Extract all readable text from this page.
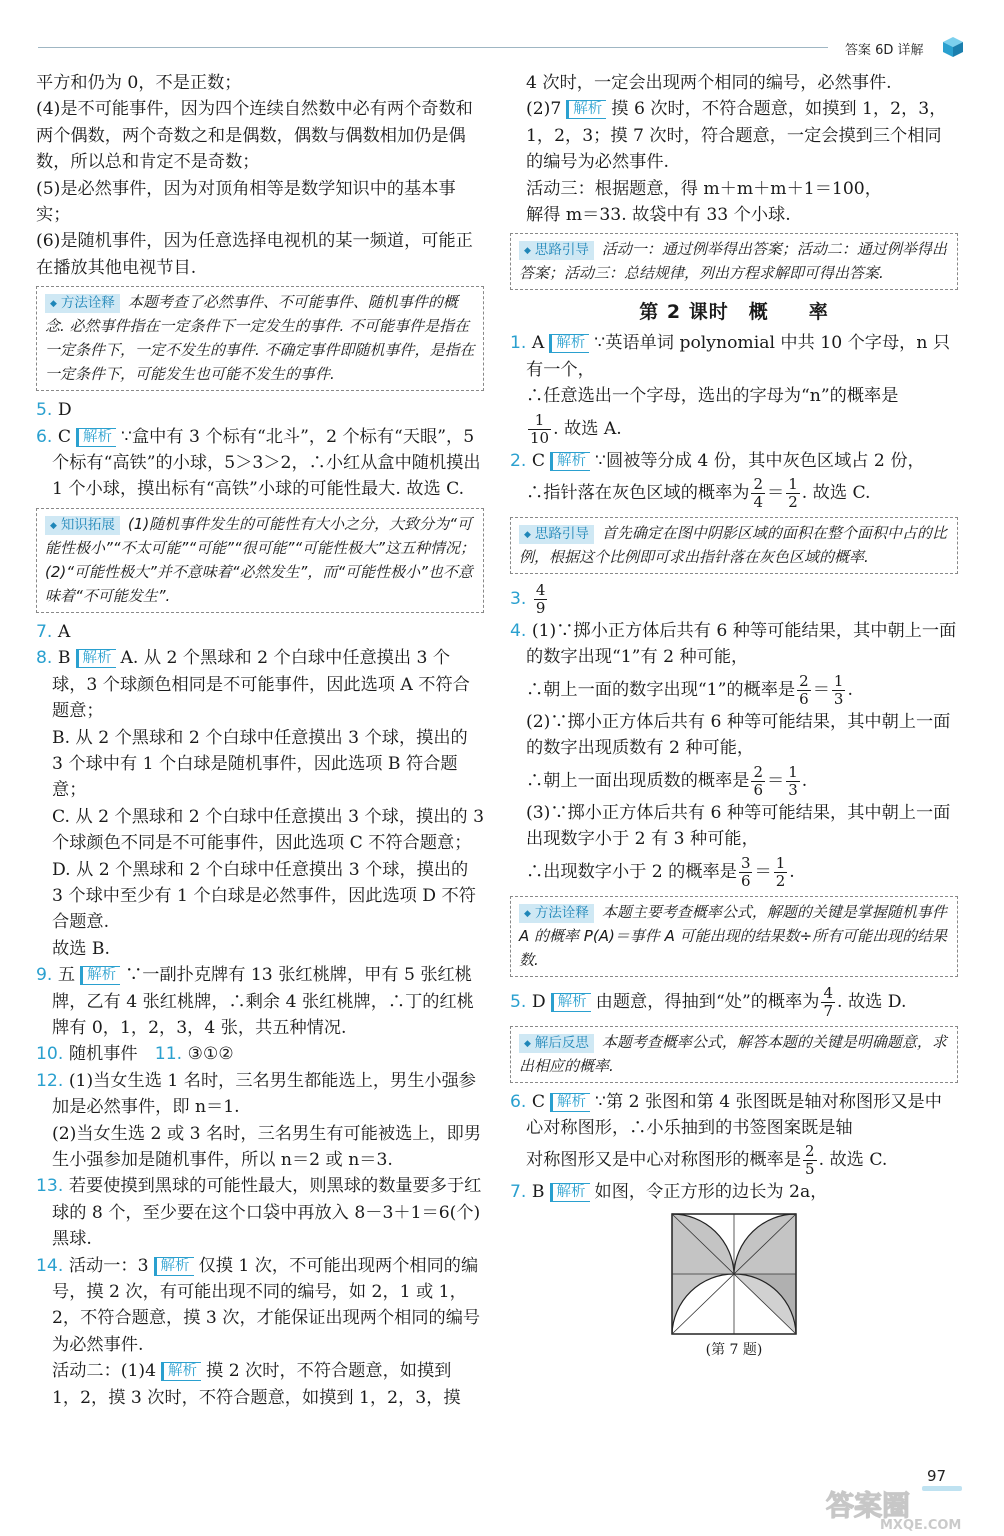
答案 6D 详解

平方和仍为 0，不是正数；

(4)是不可能事件，因为四个连续自然数中必有两个奇数和两个偶数，两个奇数之和是偶数，偶数与偶数相加仍是偶数，所以总和肯定不是奇数；

(5)是必然事件，因为对顶角相等是数学知识中的基本事实；

(6)是随机事件，因为任意选择电视机的某一频道，可能正在播放其他电视节目.

◆ 方法诠释 本题考查了必然事件、不可能事件、随机事件的概念. 必然事件指在一定条件下一定发生的事件. 不可能事件是指在一定条件下，一定不发生的事件. 不确定事件即随机事件，是指在一定条件下，可能发生也可能不发生的事件.

5. D

6. C 解析 ∵盒中有 3 个标有“北斗”，2 个标有“天眼”，5 个标有“高铁”的小球，5＞3＞2，∴小红从盒中随机摸出 1 个小球，摸出标有“高铁”小球的可能性最大. 故选 C.

◆ 知识拓展 (1)随机事件发生的可能性有大小之分，大致分为“可能性极小”“不太可能”“可能”“很可能”“可能性极大”这五种情况；(2)“可能性极大”并不意味着“必然发生”，而“可能性极小”也不意味着“不可能发生”.

7. A

8. B 解析 A. 从 2 个黑球和 2 个白球中任意摸出 3 个球，3 个球颜色相同是不可能事件，因此选项 A 不符合题意；

B. 从 2 个黑球和 2 个白球中任意摸出 3 个球，摸出的 3 个球中有 1 个白球是随机事件，因此选项 B 符合题意；

C. 从 2 个黑球和 2 个白球中任意摸出 3 个球，摸出的 3 个球颜色不同是不可能事件，因此选项 C 不符合题意；

D. 从 2 个黑球和 2 个白球中任意摸出 3 个球，摸出的 3 个球中至少有 1 个白球是必然事件，因此选项 D 不符合题意.

故选 B.

9. 五 解析 ∵一副扑克牌有 13 张红桃牌，甲有 5 张红桃牌，乙有 4 张红桃牌，∴剩余 4 张红桃牌，∴丁的红桃牌有 0，1，2，3，4 张，共五种情况.

10. 随机事件　 11. ③①②

12. (1)当女生选 1 名时，三名男生都能选上，男生小强参加是必然事件，即 n＝1.

(2)当女生选 2 或 3 名时，三名男生有可能被选上，即男生小强参加是随机事件，所以 n＝2 或 n＝3.

13. 若要使摸到黑球的可能性最大，则黑球的数量要多于红球的 8 个，至少要在这个口袋中再放入 8－3＋1＝6(个)黑球.

14. 活动一：3 解析 仅摸 1 次，不可能出现两个相同的编号，摸 2 次，有可能出现不同的编号，如 2，1 或 1，2，不符合题意，摸 3 次，才能保证出现两个相同的编号为必然事件.

活动二：(1)4 解析 摸 2 次时，不符合题意，如摸到 1，2，摸 3 次时，不符合题意，如摸到 1，2，3，摸

4 次时，一定会出现两个相同的编号，必然事件.

(2)7 解析 摸 6 次时，不符合题意，如摸到 1，2，3，1，2，3；摸 7 次时，符合题意，一定会摸到三个相同的编号为必然事件.

活动三：根据题意，得 m＋m＋m＋1＝100，

解得 m＝33. 故袋中有 33 个小球.

◆ 思路引导 活动一：通过例举得出答案；活动二：通过例举得出答案；活动三：总结规律，列出方程求解即可得出答案.
第 2 课时　概　　率

1. A 解析 ∵英语单词 polynomial 中共 10 个字母，n 只有一个，

∴任意选出一个字母，选出的字母为“n”的概率是

$\frac{1}{10}$ . 故选 A.

2. C 解析 ∵圆被等分成 4 份，其中灰色区域占 2 份，

∴指针落在灰色区域的概率为 $\frac{2}{4} = \frac{1}{2}$ . 故选 C.

◆ 思路引导 首先确定在图中阴影区域的面积在整个面积中占的比例，根据这个比例即可求出指针落在灰色区域的概率.

3. $\frac{4}{9}$

4. (1)∵掷小正方体后共有 6 种等可能结果，其中朝上一面的数字出现“1”有 2 种可能，

∴朝上一面的数字出现“1”的概率是 $\frac{2}{6} = \frac{1}{3}$ .

(2)∵掷小正方体后共有 6 种等可能结果，其中朝上一面的数字出现质数有 2 种可能，

∴朝上一面出现质数的概率是 $\frac{2}{6} = \frac{1}{3}$ .

(3)∵掷小正方体后共有 6 种等可能结果，其中朝上一面出现数字小于 2 有 3 种可能，

∴出现数字小于 2 的概率是 $\frac{3}{6} = \frac{1}{2}$ .

◆ 方法诠释 本题主要考查概率公式，解题的关键是掌握随机事件 A 的概率 P(A)＝事件 A 可能出现的结果数÷所有可能出现的结果数.

5. D 解析 由题意，得抽到“处”的概率为 $\frac{4}{7}$ . 故选 D.

◆ 解后反思 本题考查概率公式，解答本题的关键是明确题意，求出相应的概率.

6. C 解析 ∵第 2 张图和第 4 张图既是轴对称图形又是中心对称图形，∴小乐抽到的书签图案既是轴

对称图形又是中心对称图形的概率是 $\frac{2}{5}$ . 故选 C.

7. B 解析 如图，令正方形的边长为 2a，

(第 7 题)
97
答案圈
MXQE.COM
